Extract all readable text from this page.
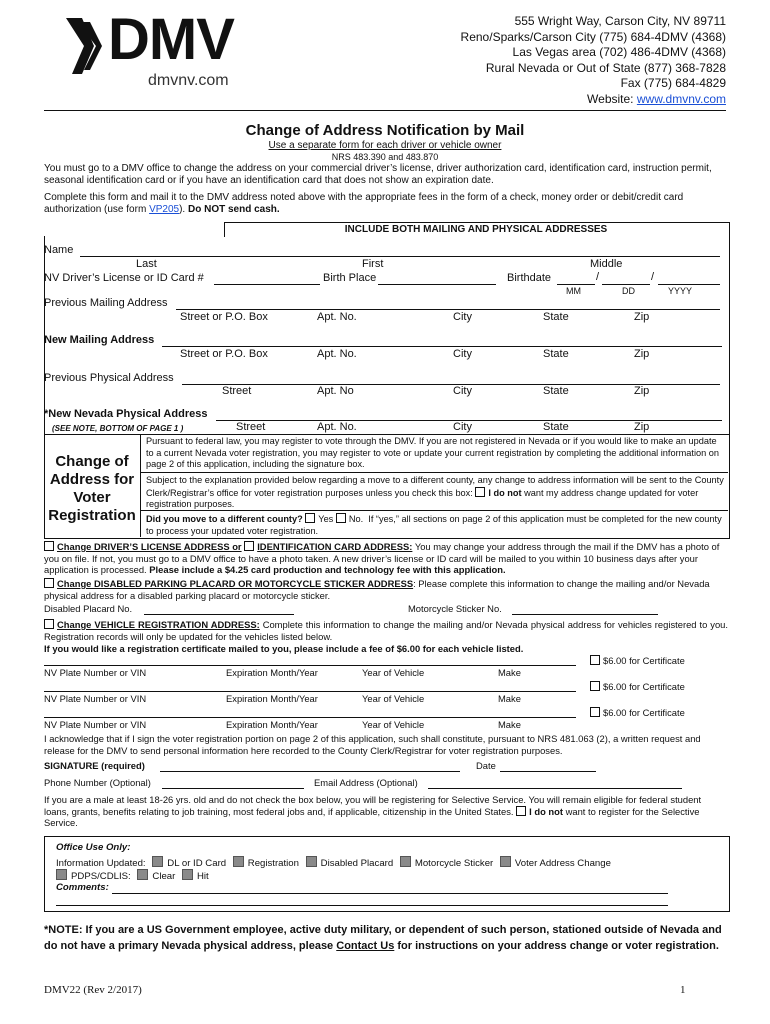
DMV
dmvnv.com
555 Wright Way, Carson City, NV 89711
Reno/Sparks/Carson City (775) 684-4DMV (4368)
Las Vegas area (702) 486-4DMV (4368)
Rural Nevada or Out of State (877) 368-7828
Fax (775) 684-4829
Website: www.dmvnv.com
Change of Address Notification by Mail
Use a separate form for each driver or vehicle owner
NRS 483.390 and 483.870
You must go to a DMV office to change the address on your commercial driver’s license, driver authorization card, identification card, instruction permit, seasonal identification card or if you have an identification card that does not show an expiration date.
Complete this form and mail it to the DMV address noted above with the appropriate fees in the form of a check, money order or debit/credit card authorization (use form VP205). Do NOT send cash.
INCLUDE BOTH MAILING AND PHYSICAL ADDRESSES
Name
Last	First	Middle
NV Driver’s License or ID Card #	Birth Place	Birthdate	/	/
MM	DD	YYYY
Previous Mailing Address
Street or P.O. Box	Apt. No.	City	State	Zip
New Mailing Address
Street or P.O. Box	Apt. No.	City	State	Zip
Previous Physical Address
Street	Apt. No	City	State	Zip
*New Nevada Physical Address
(SEE NOTE, BOTTOM OF PAGE 1 )	Street	Apt. No.	City	State	Zip
Change of Address for Voter Registration
Pursuant to federal law, you may register to vote through the DMV. If you are not registered in Nevada or if you would like to make an update to a current Nevada voter registration, you may register to vote or update your current registration by completing the additional information on page 2 of this application, including the signature box.
Subject to the explanation provided below regarding a move to a different county, any change to address information will be sent to the County Clerk/Registrar’s office for voter registration purposes unless you check this box: I do not want my address change updated for voter registration purposes.
Did you move to a different county? Yes No.  If “yes,” all sections on page 2 of this application must be completed for the new county to process your updated voter registration.
Change DRIVER’S LICENSE ADDRESS or IDENTIFICATION CARD ADDRESS: You may change your address through the mail if the DMV has a photo of you on file. If not, you must go to a DMV office to have a photo taken. A new driver’s license or ID card will be mailed to you within 10 business days after your application is processed. Please include a $4.25 card production and technology fee with this application.
Change DISABLED PARKING PLACARD OR MOTORCYCLE STICKER ADDRESS: Please complete this information to change the mailing and/or Nevada physical address for a disabled parking placard or motorcycle sticker.
Disabled Placard No.	Motorcycle Sticker No.
Change VEHICLE REGISTRATION ADDRESS: Complete this information to change the mailing and/or Nevada physical address for vehicles registered to you. Registration records will only be updated for the vehicles listed below.
If you would like a registration certificate mailed to you, please include a fee of $6.00 for each vehicle listed.
$6.00 for Certificate
NV Plate Number or VIN	Expiration Month/Year	Year of Vehicle	Make
$6.00 for Certificate
NV Plate Number or VIN	Expiration Month/Year	Year of Vehicle	Make
$6.00 for Certificate
NV Plate Number or VIN	Expiration Month/Year	Year of Vehicle	Make
I acknowledge that if I sign the voter registration portion on page 2 of this application, such shall constitute, pursuant to NRS 481.063 (2), a written request and release for the DMV to send personal information here recorded to the County Clerk/Registrar for voter registration purposes.
SIGNATURE (required)	Date
Phone Number (Optional)	Email Address (Optional)
If you are a male at least 18-26 yrs. old and do not check the box below, you will be registering for Selective Service. You will remain eligible for federal student loans, grants, benefits relating to job training, most federal jobs and, if applicable, citizenship in the United States. I do not want to register for the Selective Service.
Office Use Only:
Information Updated: DL or ID Card Registration Disabled Placard Motorcycle Sticker Voter Address Change
PDPS/CDLIS: Clear Hit
Comments:
*NOTE: If you are a US Government employee, active duty military, or dependent of such person, stationed outside of Nevada and do not have a primary Nevada physical address, please Contact Us for instructions on your address change or voter registration.
DMV22 (Rev 2/2017)	1
